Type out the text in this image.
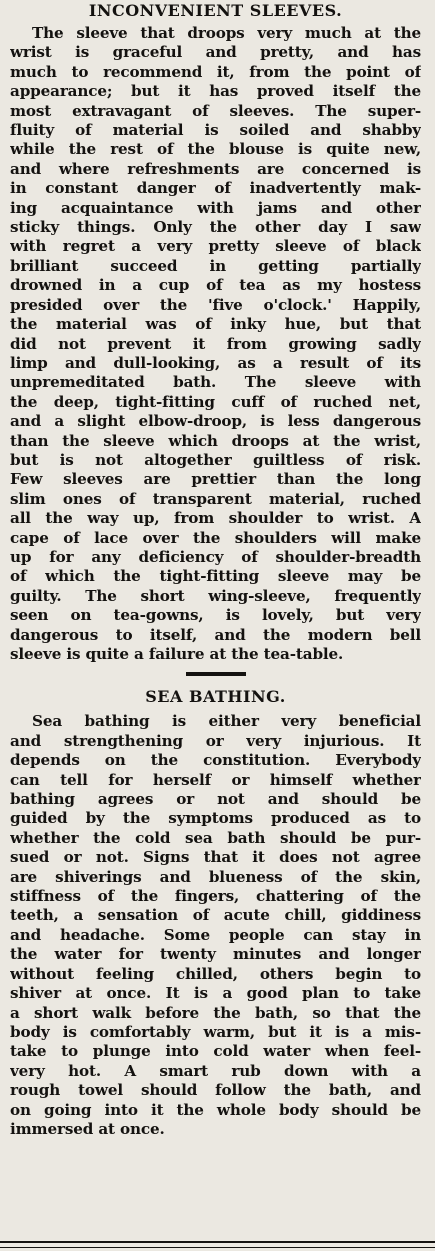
INCONVENIENT SLEEVES.
The sleeve that droops very much at the
wrist is graceful and pretty, and has
much to recommend it, from the point of
appearance; but it has proved itself the
most extravagant of sleeves. The super-
fluity of material is soiled and shabby
while the rest of the blouse is quite new,
and where refreshments are concerned is
in constant danger of inadvertently mak-
ing acquaintance with jams and other
sticky things. Only the other day I saw
with regret a very pretty sleeve of black
brilliant succeed in getting partially
drowned in a cup of tea as my hostess
presided over the 'five o'clock.' Happily,
the material was of inky hue, but that
did not prevent it from growing sadly
limp and dull-looking, as a result of its
unpremeditated bath. The sleeve with
the deep, tight-fitting cuff of ruched net,
and a slight elbow-droop, is less dangerous
than the sleeve which droops at the wrist,
but is not altogether guiltless of risk.
Few sleeves are prettier than the long
slim ones of transparent material, ruched
all the way up, from shoulder to wrist. A
cape of lace over the shoulders will make
up for any deficiency of shoulder-breadth
of which the tight-fitting sleeve may be
guilty. The short wing-sleeve, frequently
seen on tea-gowns, is lovely, but very
dangerous to itself, and the modern bell
sleeve is quite a failure at the tea-table.
SEA BATHING.
Sea bathing is either very beneficial
and strengthening or very injurious. It
depends on the constitution. Everybody
can tell for herself or himself whether
bathing agrees or not and should be
guided by the symptoms produced as to
whether the cold sea bath should be pur-
sued or not. Signs that it does not agree
are shiverings and blueness of the skin,
stiffness of the fingers, chattering of the
teeth, a sensation of acute chill, giddiness
and headache. Some people can stay in
the water for twenty minutes and longer
without feeling chilled, others begin to
shiver at once. It is a good plan to take
a short walk before the bath, so that the
body is comfortably warm, but it is a mis-
take to plunge into cold water when feel-
very hot. A smart rub down with a
rough towel should follow the bath, and
on going into it the whole body should be
immersed at once.
